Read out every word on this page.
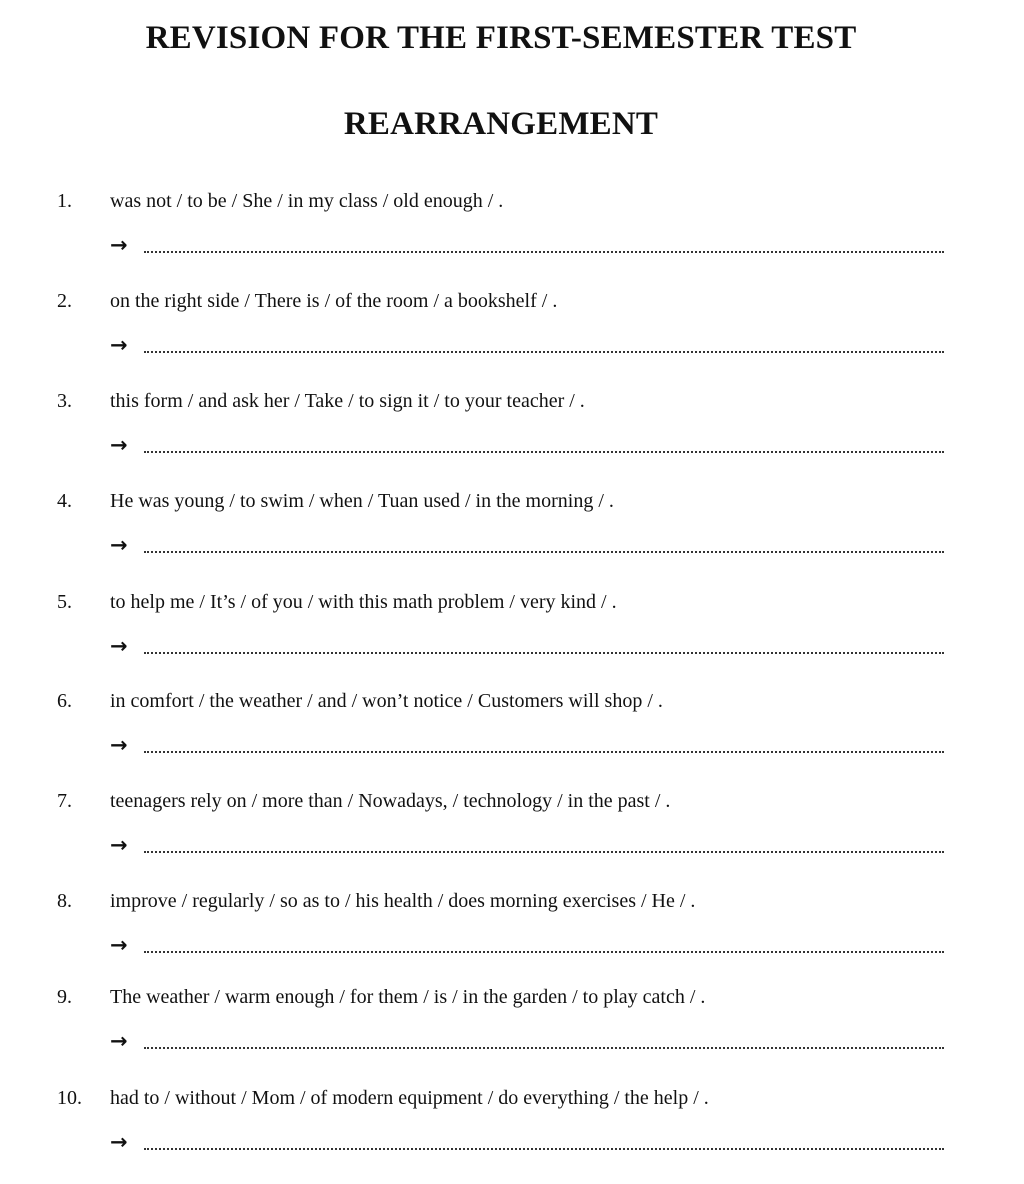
REVISION FOR THE FIRST-SEMESTER TEST
REARRANGEMENT
1. was not / to be / She / in my class / old enough / .
→
2. on the right side / There is / of the room / a bookshelf / .
→
3. this form / and ask her / Take / to sign it / to your teacher / .
→
4. He was young / to swim / when / Tuan used / in the morning / .
→
5. to help me / It’s / of you / with this math problem / very kind / .
→
6. in comfort / the weather / and / won’t notice / Customers will shop / .
→
7. teenagers rely on / more than / Nowadays, / technology / in the past / .
→
8. improve / regularly / so as to / his health / does morning exercises / He / .
→
9. The weather / warm enough / for them / is / in the garden / to play catch / .
→
10. had to / without / Mom / of modern equipment / do everything / the help / .
→
